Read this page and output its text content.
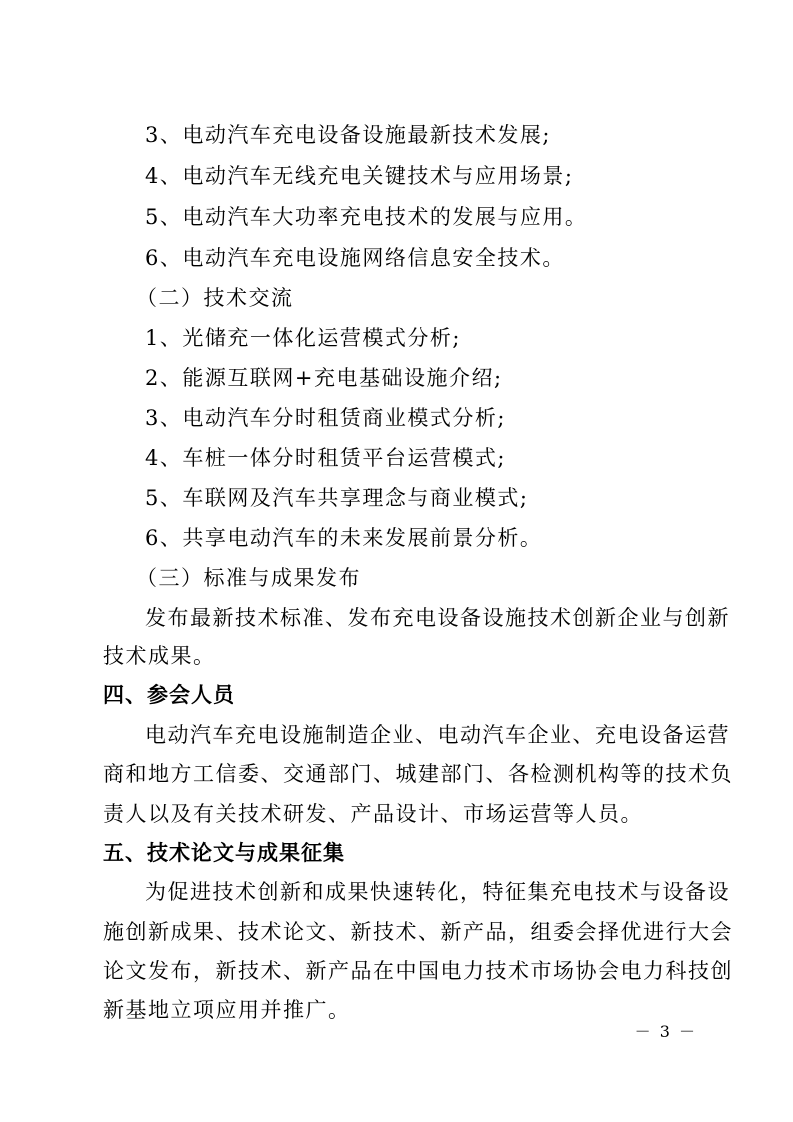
3、电动汽车充电设备设施最新技术发展;
4、电动汽车无线充电关键技术与应用场景;
5、电动汽车大功率充电技术的发展与应用。
6、电动汽车充电设施网络信息安全技术。
（二）技术交流
1、光储充一体化运营模式分析;
2、能源互联网+充电基础设施介绍;
3、电动汽车分时租赁商业模式分析;
4、车桩一体分时租赁平台运营模式;
5、车联网及汽车共享理念与商业模式;
6、共享电动汽车的未来发展前景分析。
（三）标准与成果发布
发布最新技术标准、发布充电设备设施技术创新企业与创新
技术成果。
四、参会人员
电动汽车充电设施制造企业、电动汽车企业、充电设备运营
商和地方工信委、交通部门、城建部门、各检测机构等的技术负
责人以及有关技术研发、产品设计、市场运营等人员。
五、技术论文与成果征集
为促进技术创新和成果快速转化，特征集充电技术与设备设
施创新成果、技术论文、新技术、新产品，组委会择优进行大会
论文发布，新技术、新产品在中国电力技术市场协会电力科技创
新基地立项应用并推广。
－ 3 －
